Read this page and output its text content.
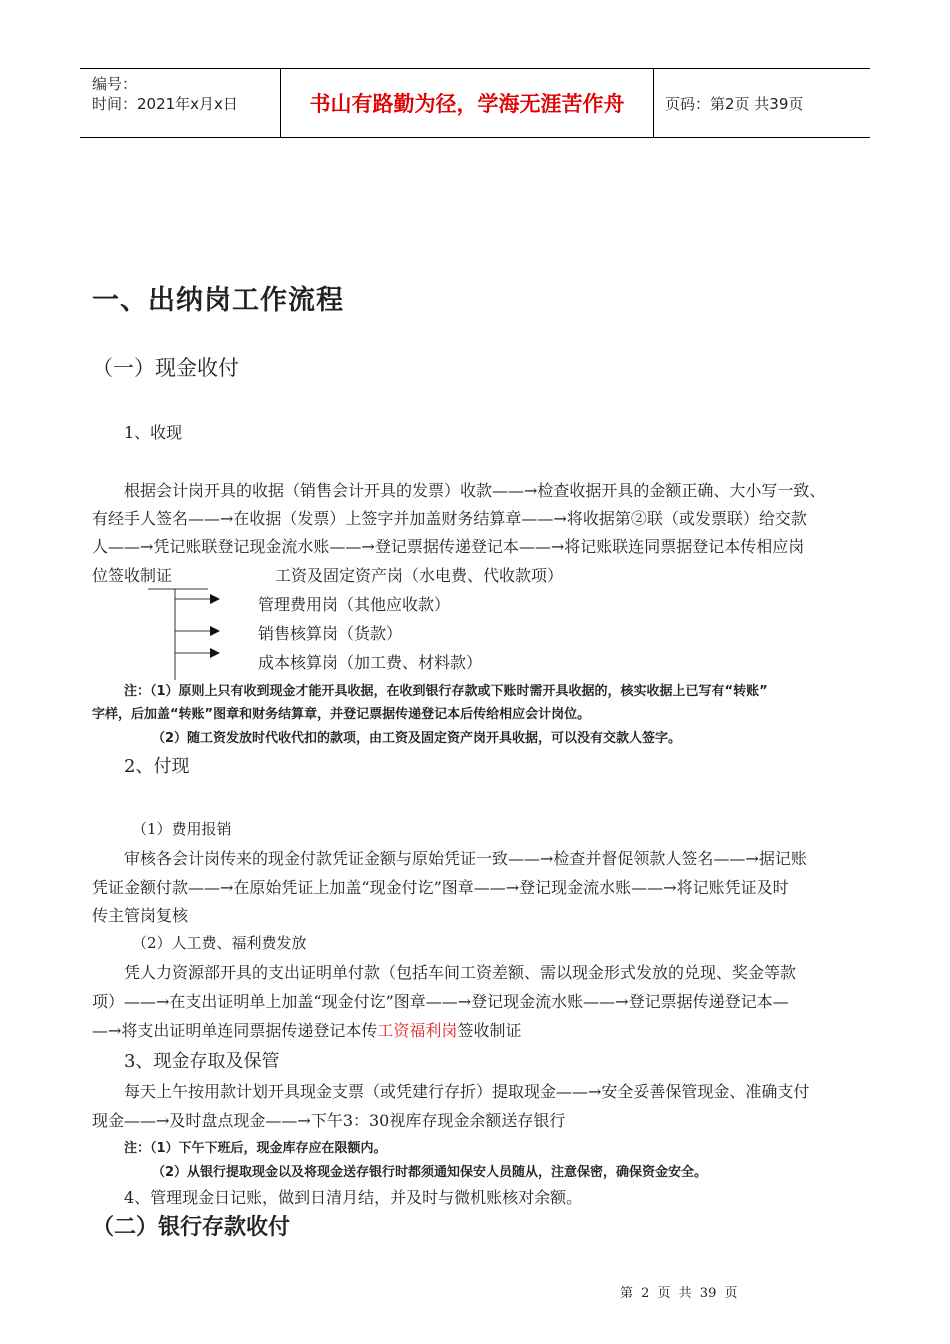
编号：
时间：2021年x月x日	书山有路勤为径，学海无涯苦作舟	页码：第2页 共39页
一、出纳岗工作流程
（一）现金收付
1、收现
根据会计岗开具的收据（销售会计开具的发票）收款——→检查收据开具的金额正确、大小写一致、
有经手人签名——→在收据（发票）上签字并加盖财务结算章——→将收据第②联（或发票联）给交款
人——→凭记账联登记现金流水账——→登记票据传递登记本——→将记账联连同票据登记本传相应岗
位签收制证	工资及固定资产岗（水电费、代收款项）
管理费用岗（其他应收款）
销售核算岗（货款）
成本核算岗（加工费、材料款）
注：（1）原则上只有收到现金才能开具收据，在收到银行存款或下账时需开具收据的，核实收据上已写有“转账”
字样，后加盖“转账”图章和财务结算章，并登记票据传递登记本后传给相应会计岗位。
（2）随工资发放时代收代扣的款项，由工资及固定资产岗开具收据，可以没有交款人签字。
2、付现
（1）费用报销
审核各会计岗传来的现金付款凭证金额与原始凭证一致——→检查并督促领款人签名——→据记账
凭证金额付款——→在原始凭证上加盖“现金付讫”图章——→登记现金流水账——→将记账凭证及时
传主管岗复核
（2）人工费、福利费发放
凭人力资源部开具的支出证明单付款（包括车间工资差额、需以现金形式发放的兑现、奖金等款
项）——→在支出证明单上加盖“现金付讫”图章——→登记现金流水账——→登记票据传递登记本—
—→将支出证明单连同票据传递登记本传工资福利岗签收制证
3、现金存取及保管
每天上午按用款计划开具现金支票（或凭建行存折）提取现金——→安全妥善保管现金、准确支付
现金——→及时盘点现金——→下午3：30视库存现金余额送存银行
注：（1）下午下班后，现金库存应在限额内。
（2）从银行提取现金以及将现金送存银行时都须通知保安人员随从，注意保密，确保资金安全。
4、管理现金日记账，做到日清月结，并及时与微机账核对余额。
（二）银行存款收付
第 2 页 共 39 页
